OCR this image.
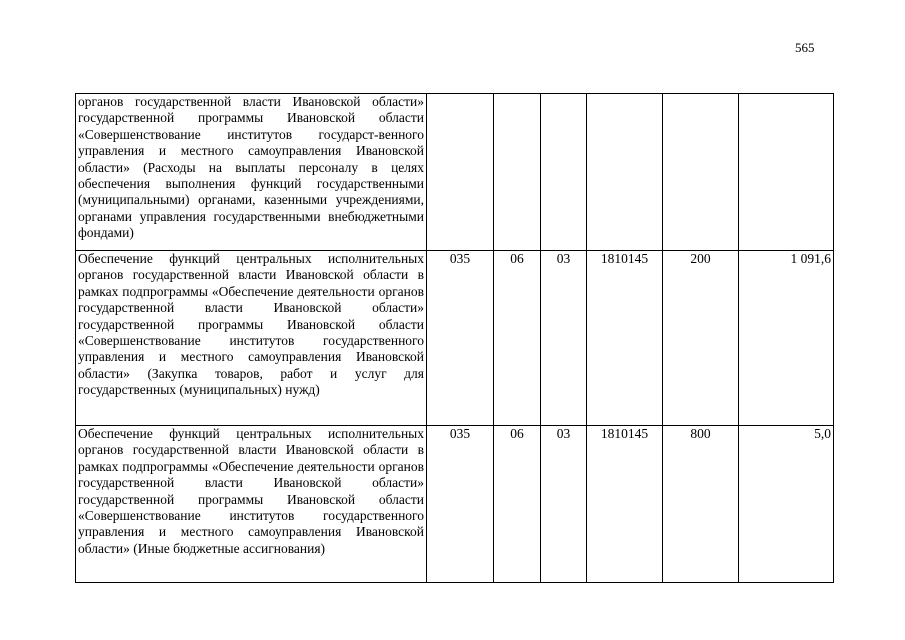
565
органов государственной власти Ивановской области» государственной программы Ивановской области «Совершенствование институтов государст-венного управления и местного самоуправления Ивановской области» (Расходы на выплаты персоналу в целях обеспечения выполнения функций государственными (муниципальными) органами, казенными учреждениями, органами управления государственными внебюджетными фондами)						
Обеспечение функций центральных исполнительных органов государственной власти Ивановской области в рамках подпрограммы «Обеспечение деятельности органов государственной власти Ивановской области» государственной программы Ивановской области «Совершенствование институтов государственного управления и местного самоуправления Ивановской области» (Закупка товаров, работ и услуг для государственных (муниципальных) нужд)	035	06	03	1810145	200	1 091,6
Обеспечение функций центральных исполнительных органов государственной власти Ивановской области в рамках подпрограммы «Обеспечение деятельности органов государственной власти Ивановской области» государственной программы Ивановской области «Совершенствование институтов государственного управления и местного самоуправления Ивановской области» (Иные бюджетные ассигнования)	035	06	03	1810145	800	5,0
